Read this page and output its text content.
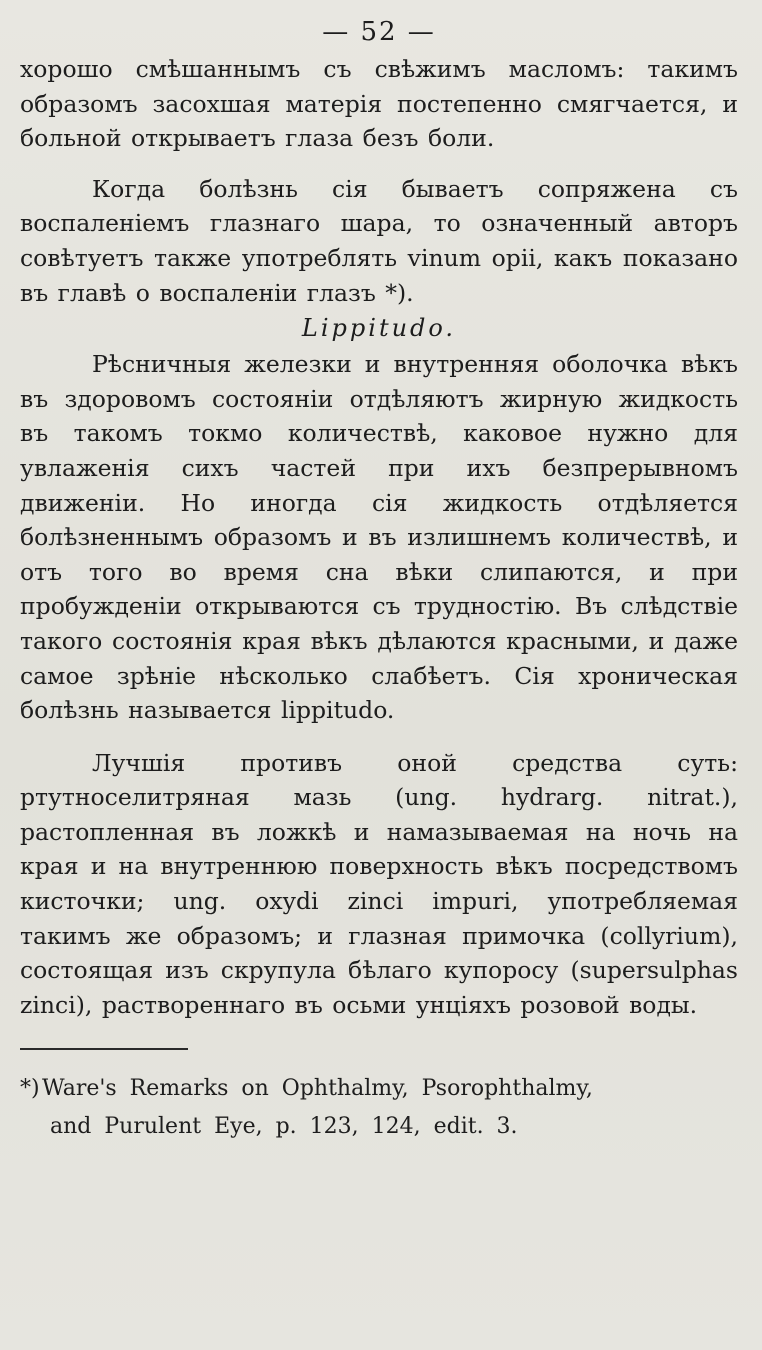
— 52 —

хорошо смѣшаннымъ съ свѣжимъ масломъ: такимъ образомъ засохшая матерія постепенно смягчается, и больной открываетъ глаза безъ боли.

Когда болѣзнь сія бываетъ сопряжена съ воспаленіемъ глазнаго шара, то означенный авторъ совѣтуетъ также употреблять vinum opii, какъ показано въ главѣ о воспаленіи глазъ *).

Lippitudo.

Рѣсничныя железки и внутренняя оболочка вѣкъ въ здоровомъ состояніи отдѣляютъ жирную жидкость въ такомъ токмо количествѣ, каковое нужно для увлаженія сихъ частей при ихъ безпрерывномъ движеніи. Но иногда сія жидкость отдѣляется болѣзненнымъ образомъ и въ излишнемъ количествѣ, и отъ того во время сна вѣки слипаются, и при пробужденіи открываются съ трудностію. Въ слѣдствіе такого состоянія края вѣкъ дѣлаются красными, и даже самое зрѣніе нѣсколько слабѣетъ. Сія хроническая болѣзнь называется lippitudo.

Лучшія противъ оной средства суть: ртутноселитряная мазь (ung. hydrarg. nitrat.), растопленная въ ложкѣ и намазываемая на ночь на края и на внутреннюю поверхность вѣкъ посредствомъ кисточки; ung. oxydi zinci impuri, употребляемая такимъ же образомъ; и глазная примочка (collyrium), состоящая изъ скрупула бѣлаго купоросу (supersulphas zinci), раствореннаго въ осьми унціяхъ розовой воды.

*) Ware's Remarks on Ophthalmy, Psorophthalmy,
and Purulent Eye, p. 123, 124, edit. 3.
